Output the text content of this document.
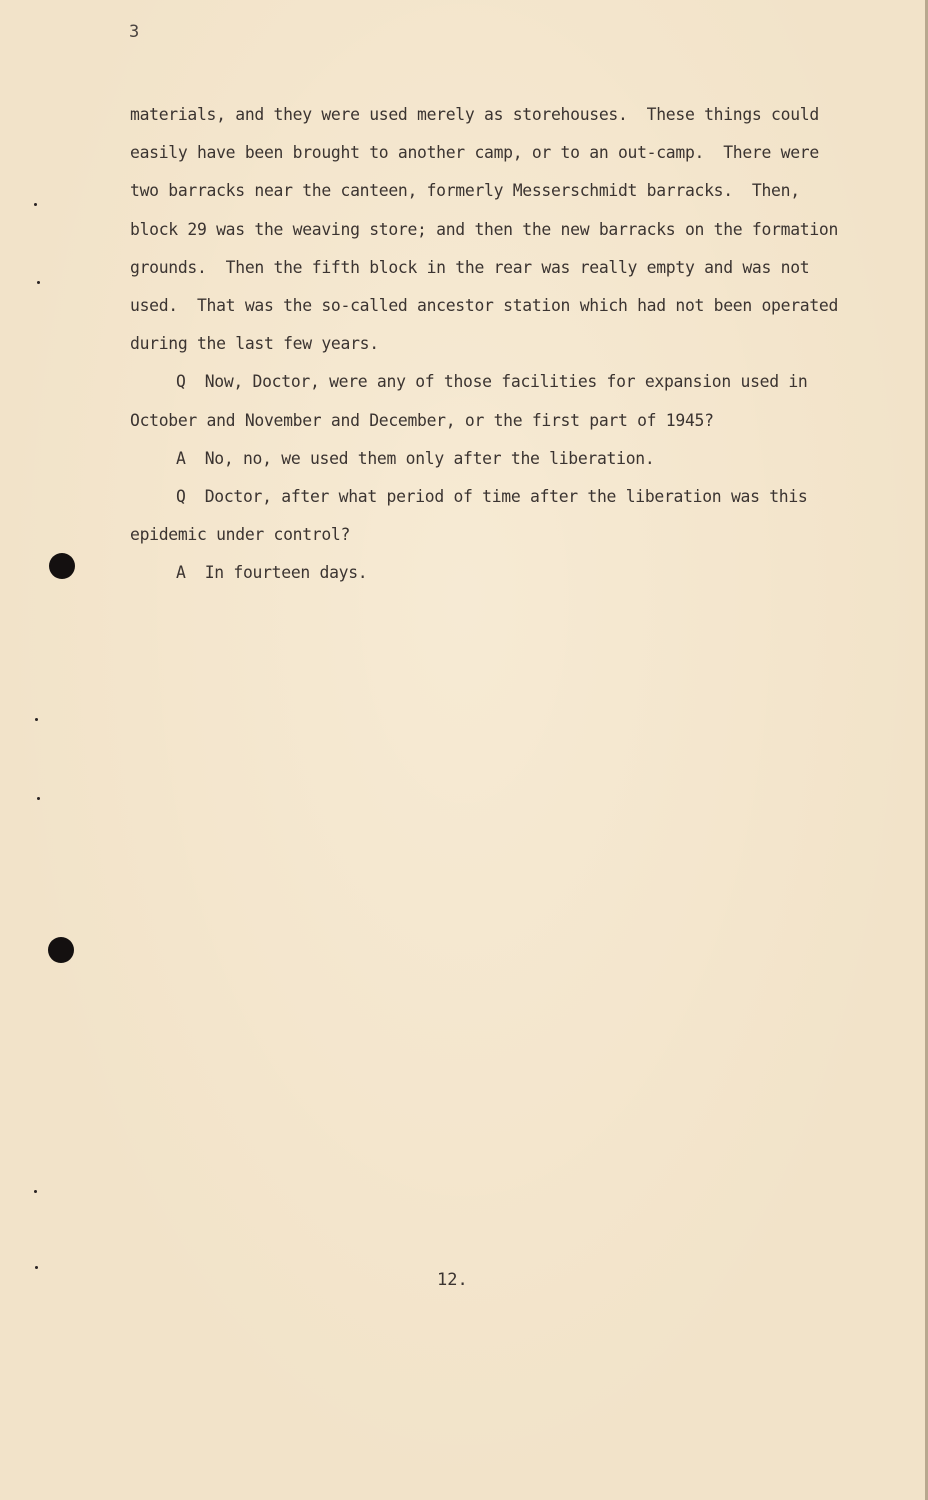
3
materials, and they were used merely as storehouses.  These things could
easily have been brought to another camp, or to an out-camp.  There were
two barracks near the canteen, formerly Messerschmidt barracks.  Then,
block 29 was the weaving store; and then the new barracks on the formation
grounds.  Then the fifth block in the rear was really empty and was not
used.  That was the so-called ancestor station which had not been operated
during the last few years.
Q  Now, Doctor, were any of those facilities for expansion used in
October and November and December, or the first part of 1945?
A  No, no, we used them only after the liberation.
Q  Doctor, after what period of time after the liberation was this
epidemic under control?
A  In fourteen days.
12.
